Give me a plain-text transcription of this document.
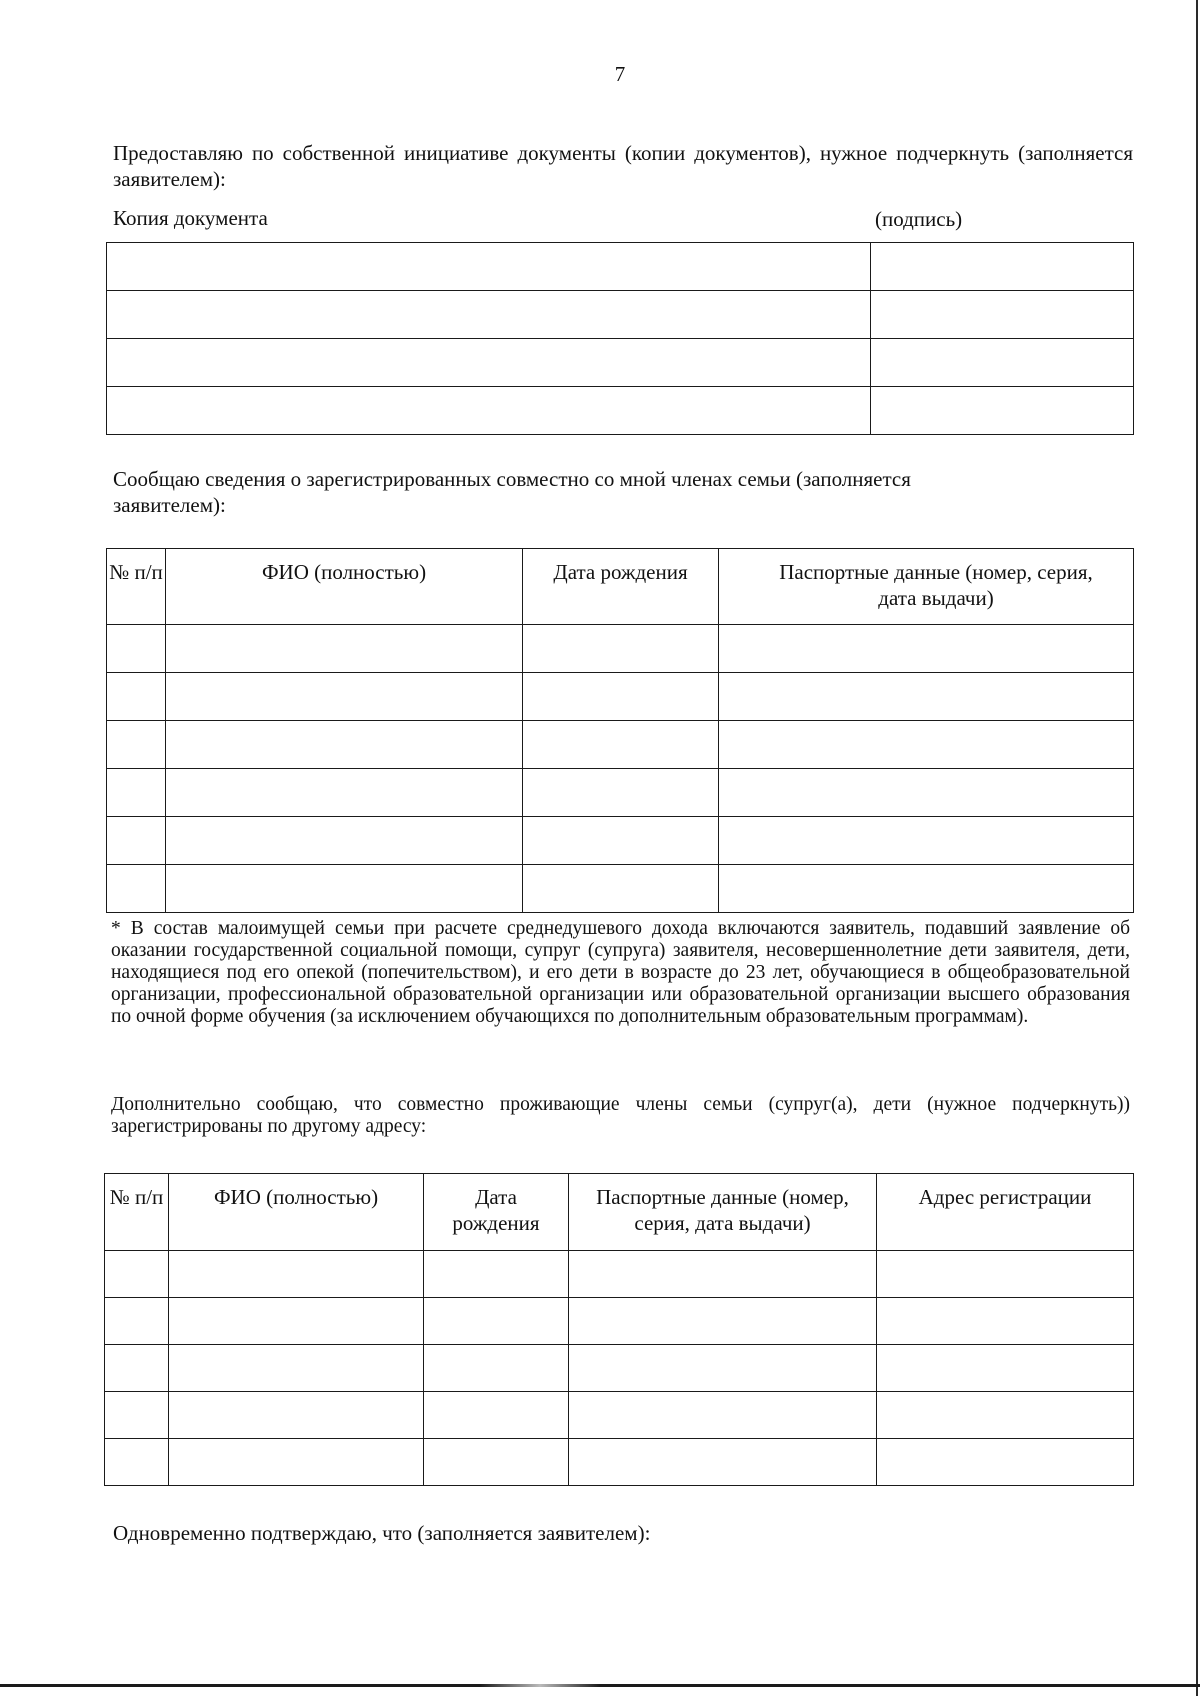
7
Предоставляю по собственной инициативе документы (копии документов), нужное подчеркнуть (заполняется заявителем):
Копия документа	(подпись)

Сообщаю сведения о зарегистрированных совместно со мной членах семьи (заполняется заявителем):
№ п/п	ФИО (полностью)	Дата рождения	Паспортные данные (номер, серия, дата выдачи)

* В состав малоимущей семьи при расчете среднедушевого дохода включаются заявитель, подавший заявление об оказании государственной социальной помощи, супруг (супруга) заявителя, несовершеннолетние дети заявителя, дети, находящиеся под его опекой (попечительством), и его дети в возрасте до 23 лет, обучающиеся в общеобразовательной организации, профессиональной образовательной организации или образовательной организации высшего образования по очной форме обучения (за исключением обучающихся по дополнительным образовательным программам).
Дополнительно сообщаю, что совместно проживающие члены семьи (супруг(а), дети (нужное подчеркнуть)) зарегистрированы по другому адресу:
№ п/п	ФИО (полностью)	Дата рождения	Паспортные данные (номер, серия, дата выдачи)	Адрес регистрации

Одновременно подтверждаю, что (заполняется заявителем):
